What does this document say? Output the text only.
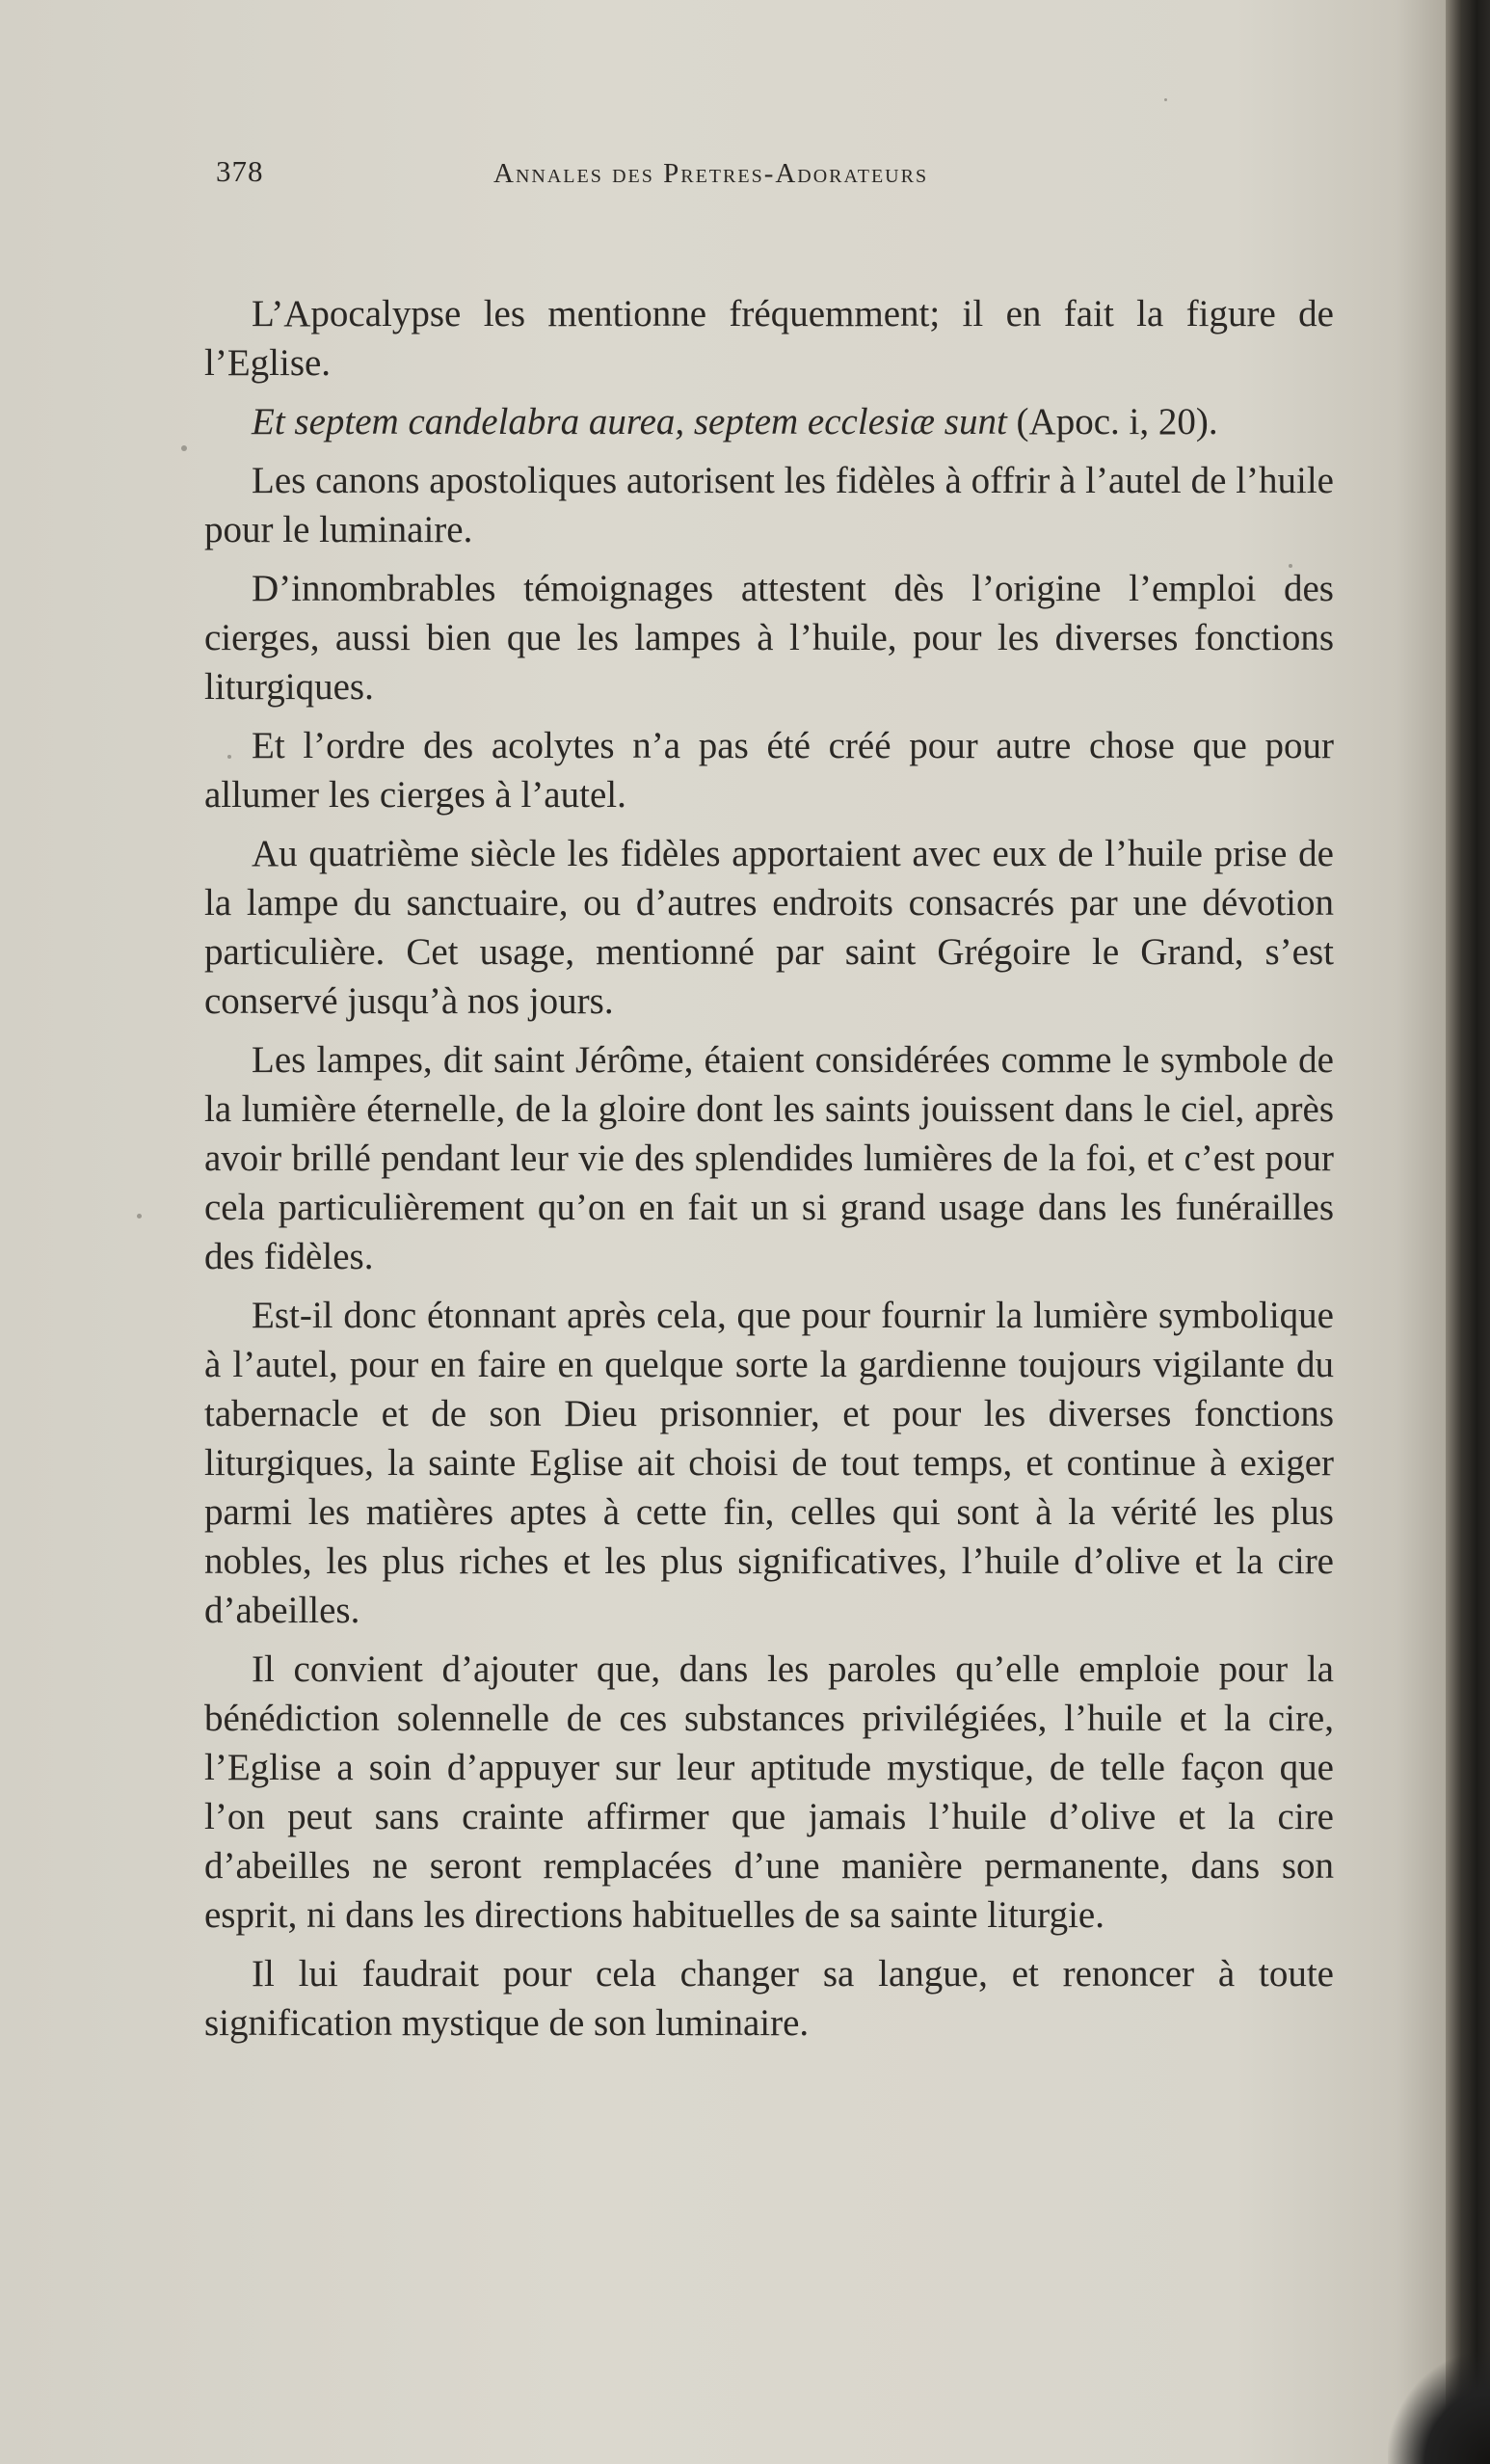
378	Annales des Pretres-Adorateurs

L’Apocalypse les mentionne fréquemment; il en fait la figure de l’Eglise.

Et septem candelabra aurea, septem ecclesiæ sunt (Apoc. i, 20).

Les canons apostoliques autorisent les fidèles à offrir à l’autel de l’huile pour le luminaire.

D’innombrables témoignages attestent dès l’origine l’emploi des cierges, aussi bien que les lampes à l’huile, pour les diverses fonctions liturgiques.

Et l’ordre des acolytes n’a pas été créé pour autre chose que pour allumer les cierges à l’autel.

Au quatrième siècle les fidèles apportaient avec eux de l’huile prise de la lampe du sanctuaire, ou d’autres endroits consacrés par une dévotion particulière. Cet usage, mentionné par saint Grégoire le Grand, s’est conservé jusqu’à nos jours.

Les lampes, dit saint Jérôme, étaient considérées comme le symbole de la lumière éternelle, de la gloire dont les saints jouissent dans le ciel, après avoir brillé pendant leur vie des splendides lumières de la foi, et c’est pour cela particulièrement qu’on en fait un si grand usage dans les funérailles des fidèles.

Est-il donc étonnant après cela, que pour fournir la lumière symbolique à l’autel, pour en faire en quelque sorte la gardienne toujours vigilante du tabernacle et de son Dieu prisonnier, et pour les diverses fonctions liturgiques, la sainte Eglise ait choisi de tout temps, et continue à exiger parmi les matières aptes à cette fin, celles qui sont à la vérité les plus nobles, les plus riches et les plus significatives, l’huile d’olive et la cire d’abeilles.

Il convient d’ajouter que, dans les paroles qu’elle emploie pour la bénédiction solennelle de ces substances privilégiées, l’huile et la cire, l’Eglise a soin d’appuyer sur leur aptitude mystique, de telle façon que l’on peut sans crainte affirmer que jamais l’huile d’olive et la cire d’abeilles ne seront remplacées d’une manière permanente, dans son esprit, ni dans les directions habituelles de sa sainte liturgie.

Il lui faudrait pour cela changer sa langue, et renoncer à toute signification mystique de son luminaire.
